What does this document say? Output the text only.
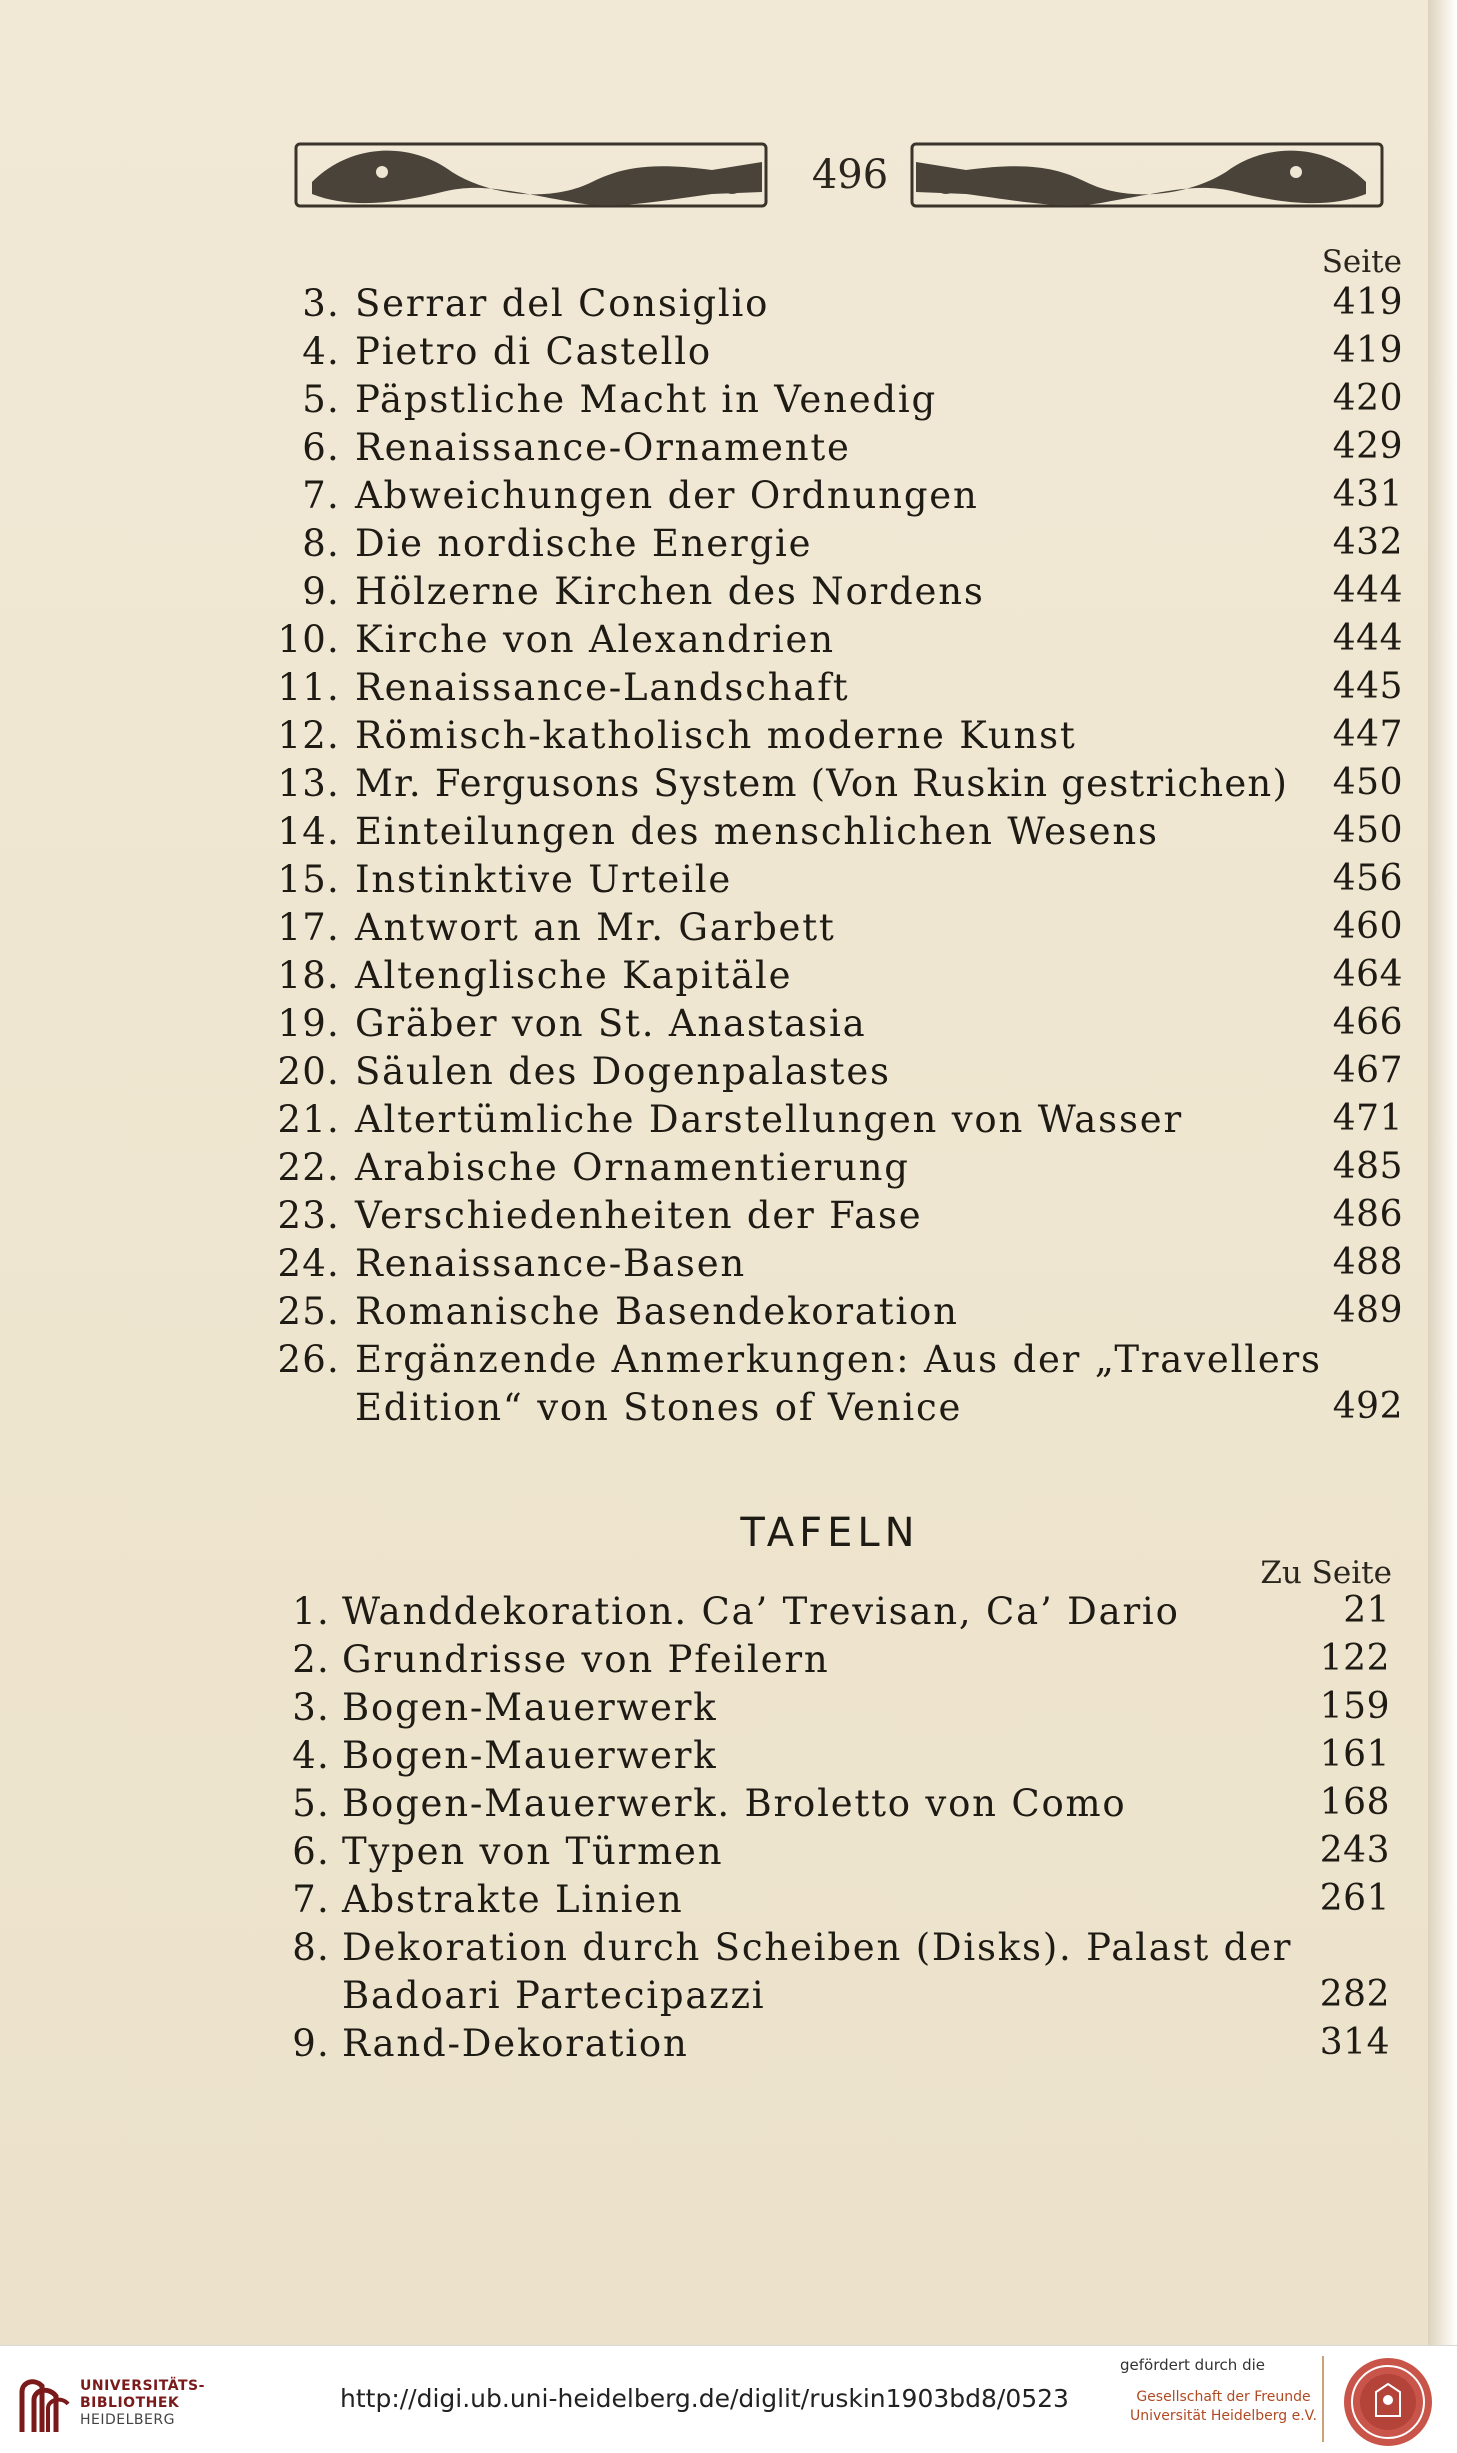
496
Seite
3. Serrar del Consiglio	419
4. Pietro di Castello	419
5. Päpstliche Macht in Venedig	420
6. Renaissance-Ornamente	429
7. Abweichungen der Ordnungen	431
8. Die nordische Energie	432
9. Hölzerne Kirchen des Nordens	444
10. Kirche von Alexandrien	444
11. Renaissance-Landschaft	445
12. Römisch-katholisch moderne Kunst	447
13. Mr. Fergusons System (Von Ruskin gestrichen)	450
14. Einteilungen des menschlichen Wesens	450
15. Instinktive Urteile	456
17. Antwort an Mr. Garbett	460
18. Altenglische Kapitäle	464
19. Gräber von St. Anastasia	466
20. Säulen des Dogenpalastes	467
21. Altertümliche Darstellungen von Wasser	471
22. Arabische Ornamentierung	485
23. Verschiedenheiten der Fase	486
24. Renaissance-Basen	488
25. Romanische Basendekoration	489
26. Ergänzende Anmerkungen: Aus der „Travellers
Edition“ von Stones of Venice	492
TAFELN
Zu Seite
1. Wanddekoration. Ca’ Trevisan, Ca’ Dario	21
2. Grundrisse von Pfeilern	122
3. Bogen-Mauerwerk	159
4. Bogen-Mauerwerk	161
5. Bogen-Mauerwerk. Broletto von Como	168
6. Typen von Türmen	243
7. Abstrakte Linien	261
8. Dekoration durch Scheiben (Disks). Palast der
Badoari Partecipazzi	282
9. Rand-Dekoration	314
UNIVERSITÄTS-
BIBLIOTHEK
HEIDELBERG
http://digi.ub.uni-heidelberg.de/diglit/ruskin1903bd8/0523
gefördert durch die
Gesellschaft der Freunde
Universität Heidelberg e.V.
